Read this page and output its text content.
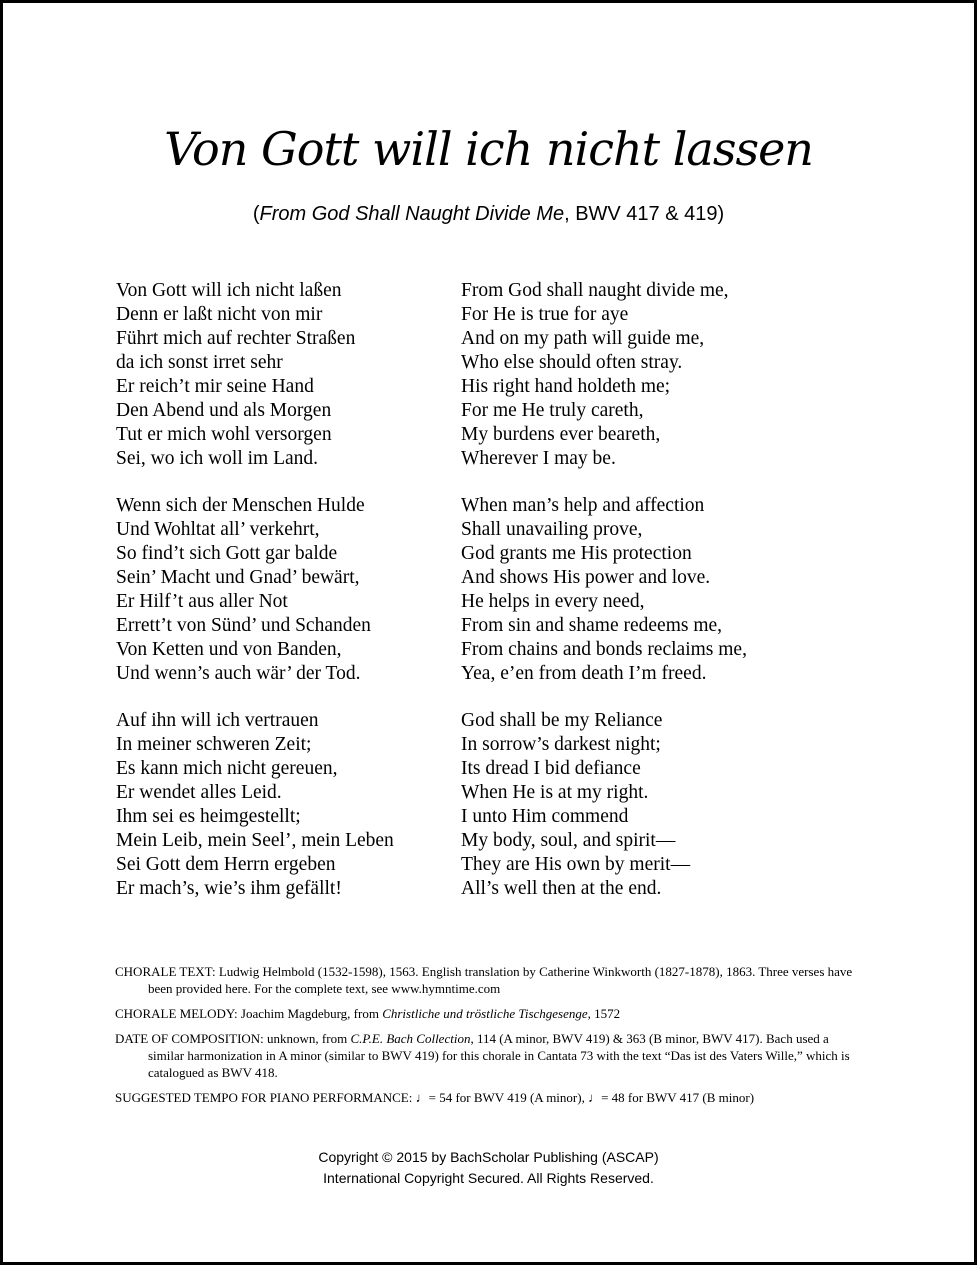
Von Gott will ich nicht lassen
(From God Shall Naught Divide Me, BWV 417 & 419)
Von Gott will ich nicht laßen
Denn er laßt nicht von mir
Führt mich auf rechter Straßen
da ich sonst irret sehr
Er reich’t mir seine Hand
Den Abend und als Morgen
Tut er mich wohl versorgen
Sei, wo ich woll im Land.
Wenn sich der Menschen Hulde
Und Wohltat all’ verkehrt,
So find’t sich Gott gar balde
Sein’ Macht und Gnad’ bewärt,
Er Hilf’t aus aller Not
Errett’t von Sünd’ und Schanden
Von Ketten und von Banden,
Und wenn’s auch wär’ der Tod.
Auf ihn will ich vertrauen
In meiner schweren Zeit;
Es kann mich nicht gereuen,
Er wendet alles Leid.
Ihm sei es heimgestellt;
Mein Leib, mein Seel’, mein Leben
Sei Gott dem Herrn ergeben
Er mach’s, wie’s ihm gefällt!
From God shall naught divide me,
For He is true for aye
And on my path will guide me,
Who else should often stray.
His right hand holdeth me;
For me He truly careth,
My burdens ever beareth,
Wherever I may be.
When man’s help and affection
Shall unavailing prove,
God grants me His protection
And shows His power and love.
He helps in every need,
From sin and shame redeems me,
From chains and bonds reclaims me,
Yea, e’en from death I’m freed.
God shall be my Reliance
In sorrow’s darkest night;
Its dread I bid defiance
When He is at my right.
I unto Him commend
My body, soul, and spirit—
They are His own by merit—
All’s well then at the end.
CHORALE TEXT: Ludwig Helmbold (1532-1598), 1563. English translation by Catherine Winkworth (1827-1878), 1863. Three verses have been provided here. For the complete text, see www.hymntime.com
CHORALE MELODY: Joachim Magdeburg, from Christliche und tröstliche Tischgesenge, 1572
DATE OF COMPOSITION: unknown, from C.P.E. Bach Collection, 114 (A minor, BWV 419) & 363 (B minor, BWV 417). Bach used a similar harmonization in A minor (similar to BWV 419) for this chorale in Cantata 73 with the text “Das ist des Vaters Wille,” which is catalogued as BWV 418.
SUGGESTED TEMPO FOR PIANO PERFORMANCE: ♩= 54 for BWV 419 (A minor), ♩= 48 for BWV 417 (B minor)
Copyright © 2015 by BachScholar Publishing (ASCAP)
International Copyright Secured. All Rights Reserved.
